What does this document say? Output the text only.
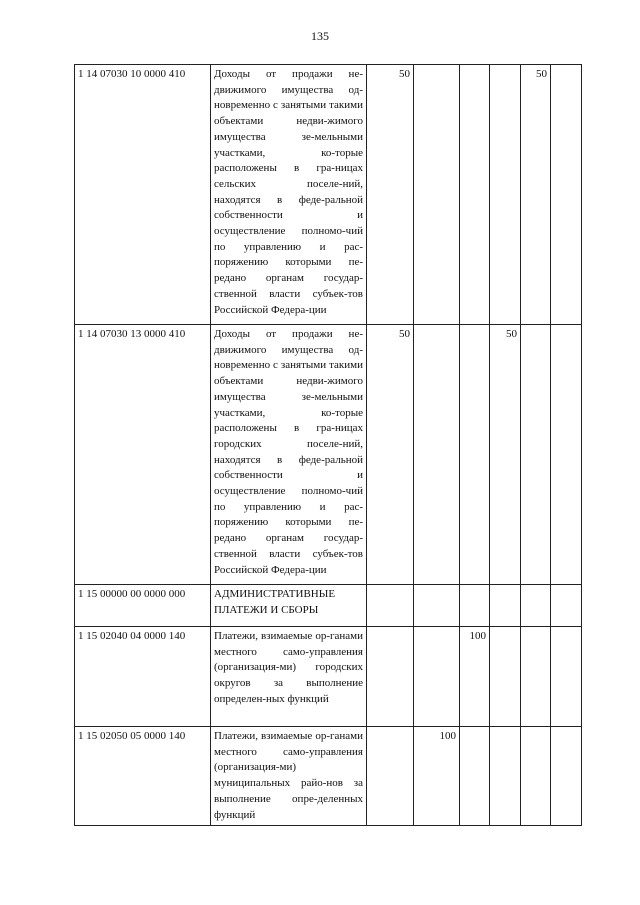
135
1 14 07030 10 0000 410	Доходы от продажи не-движимого имущества од-новременно с занятыми такими объектами недви-жимого имущества зе-мельными участками, ко-торые расположены в гра-ницах сельских поселе-ний, находятся в феде-ральной собственности и осуществление полномо-чий по управлению и рас-поряжению которыми пе-редано органам государ-ственной власти субъек-тов Российской Федера-ции	50				50	
1 14 07030 13 0000 410	Доходы от продажи не-движимого имущества од-новременно с занятыми такими объектами недви-жимого имущества зе-мельными участками, ко-торые расположены в гра-ницах городских поселе-ний, находятся в феде-ральной собственности и осуществление полномо-чий по управлению и рас-поряжению которыми пе-редано органам государ-ственной власти субъек-тов Российской Федера-ции	50			50		
1 15 00000 00 0000 000	АДМИНИСТРАТИВНЫЕ ПЛАТЕЖИ И СБОРЫ						
1 15 02040 04 0000 140	Платежи, взимаемые ор-ганами местного само-управления (организация-ми) городских округов за выполнение определен-ных функций			100			
1 15 02050 05 0000 140	Платежи, взимаемые ор-ганами местного само-управления (организация-ми) муниципальных райо-нов за выполнение опре-деленных функций		100				
